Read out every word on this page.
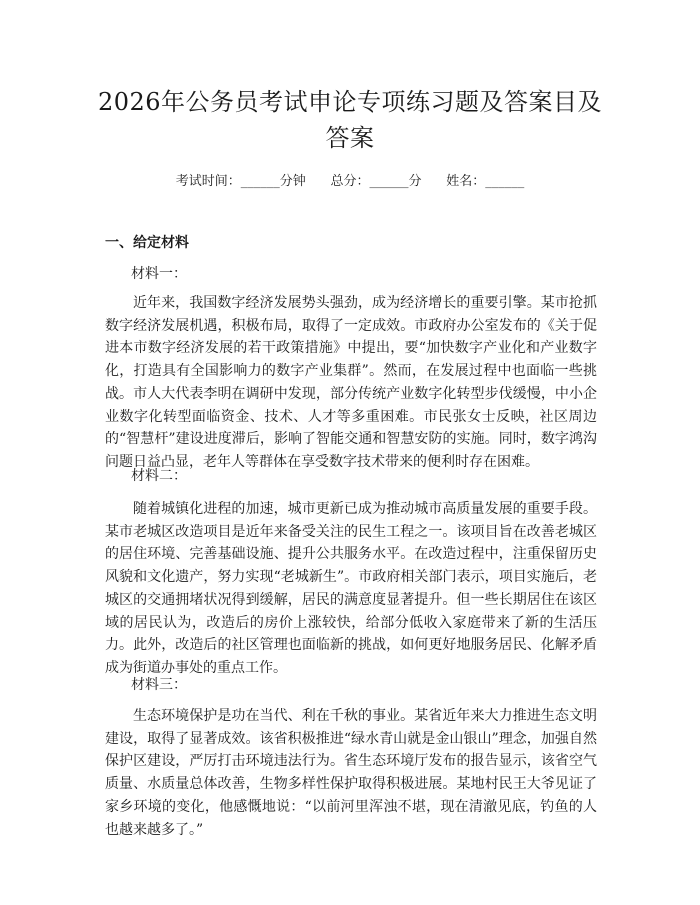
2026年公务员考试申论专项练习题及答案目及答案
考试时间：______分钟      总分：______分      姓名：______
一、给定材料
材料一：
近年来，我国数字经济发展势头强劲，成为经济增长的重要引擎。某市抢抓数字经济发展机遇，积极布局，取得了一定成效。市政府办公室发布的《关于促进本市数字经济发展的若干政策措施》中提出，要“加快数字产业化和产业数字化，打造具有全国影响力的数字产业集群”。然而，在发展过程中也面临一些挑战。市人大代表李明在调研中发现，部分传统产业数字化转型步伐缓慢，中小企业数字化转型面临资金、技术、人才等多重困难。市民张女士反映，社区周边的“智慧杆”建设进度滞后，影响了智能交通和智慧安防的实施。同时，数字鸿沟问题日益凸显，老年人等群体在享受数字技术带来的便利时存在困难。
材料二：
随着城镇化进程的加速，城市更新已成为推动城市高质量发展的重要手段。某市老城区改造项目是近年来备受关注的民生工程之一。该项目旨在改善老城区的居住环境、完善基础设施、提升公共服务水平。在改造过程中，注重保留历史风貌和文化遗产，努力实现“老城新生”。市政府相关部门表示，项目实施后，老城区的交通拥堵状况得到缓解，居民的满意度显著提升。但一些长期居住在该区域的居民认为，改造后的房价上涨较快，给部分低收入家庭带来了新的生活压力。此外，改造后的社区管理也面临新的挑战，如何更好地服务居民、化解矛盾成为街道办事处的重点工作。
材料三：
生态环境保护是功在当代、利在千秋的事业。某省近年来大力推进生态文明建设，取得了显著成效。该省积极推进“绿水青山就是金山银山”理念，加强自然保护区建设，严厉打击环境违法行为。省生态环境厅发布的报告显示，该省空气质量、水质量总体改善，生物多样性保护取得积极进展。某地村民王大爷见证了家乡环境的变化，他感慨地说：“以前河里浑浊不堪，现在清澈见底，钓鱼的人也越来越多了。”
